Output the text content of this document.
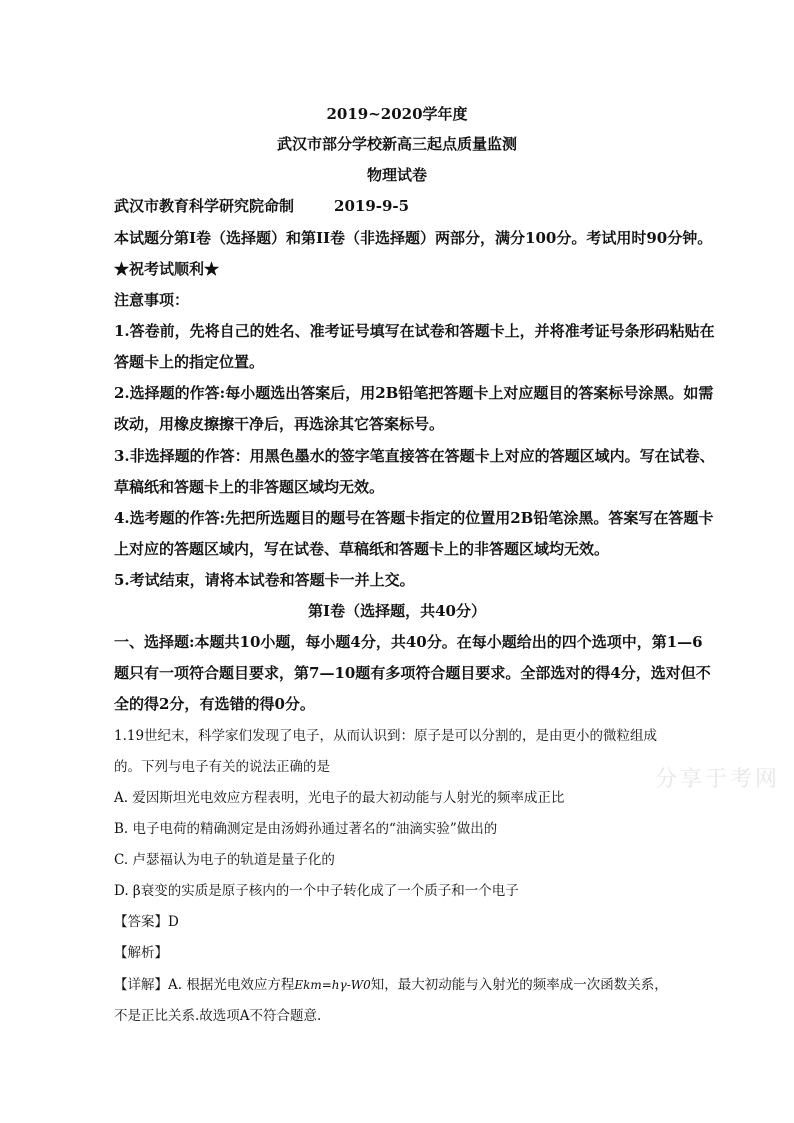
2019~2020学年度
武汉市部分学校新高三起点质量监测
物理试卷
武汉市教育科学研究院命制	2019-9-5
本试题分第I卷（选择题）和第II卷（非选择题）两部分，满分100分。考试用时90分钟。
★祝考试顺利★
注意事项：
1.答卷前，先将自己的姓名、准考证号填写在试卷和答题卡上，并将准考证号条形码粘贴在
答题卡上的指定位置。
2.选择题的作答:每小题选出答案后，用2B铅笔把答题卡上对应题目的答案标号涂黑。如需
改动，用橡皮擦擦干净后，再选涂其它答案标号。
3.非选择题的作答：用黑色墨水的签字笔直接答在答题卡上对应的答题区域内。写在试卷、
草稿纸和答题卡上的非答题区域均无效。
4.选考题的作答:先把所选题目的题号在答题卡指定的位置用2B铅笔涂黑。答案写在答题卡
上对应的答题区域内，写在试卷、草稿纸和答题卡上的非答题区域均无效。
5.考试结束，请将本试卷和答题卡一并上交。
第I卷（选择题，共40分）
一、选择题:本题共10小题，每小题4分，共40分。在每小题给出的四个选项中，第1—6
题只有一项符合题目要求，第7—10题有多项符合题目要求。全部选对的得4分，选对但不
全的得2分，有选错的得0分。
1.19世纪末，科学家们发现了电子，从而认识到：原子是可以分割的，是由更小的微粒组成
的。下列与电子有关的说法正确的是
A. 爱因斯坦光电效应方程表明，光电子的最大初动能与人射光的频率成正比
B. 电子电荷的精确测定是由汤姆孙通过著名的“油滴实验”做出的
C. 卢瑟福认为电子的轨道是量子化的
D. β衰变的实质是原子核内的一个中子转化成了一个质子和一个电子
【答案】D
【解析】
【详解】A. 根据光电效应方程Ekm=hγ-W0知，最大初动能与入射光的频率成一次函数关系，
不是正比关系.故选项A不符合题意.
分享于考网
